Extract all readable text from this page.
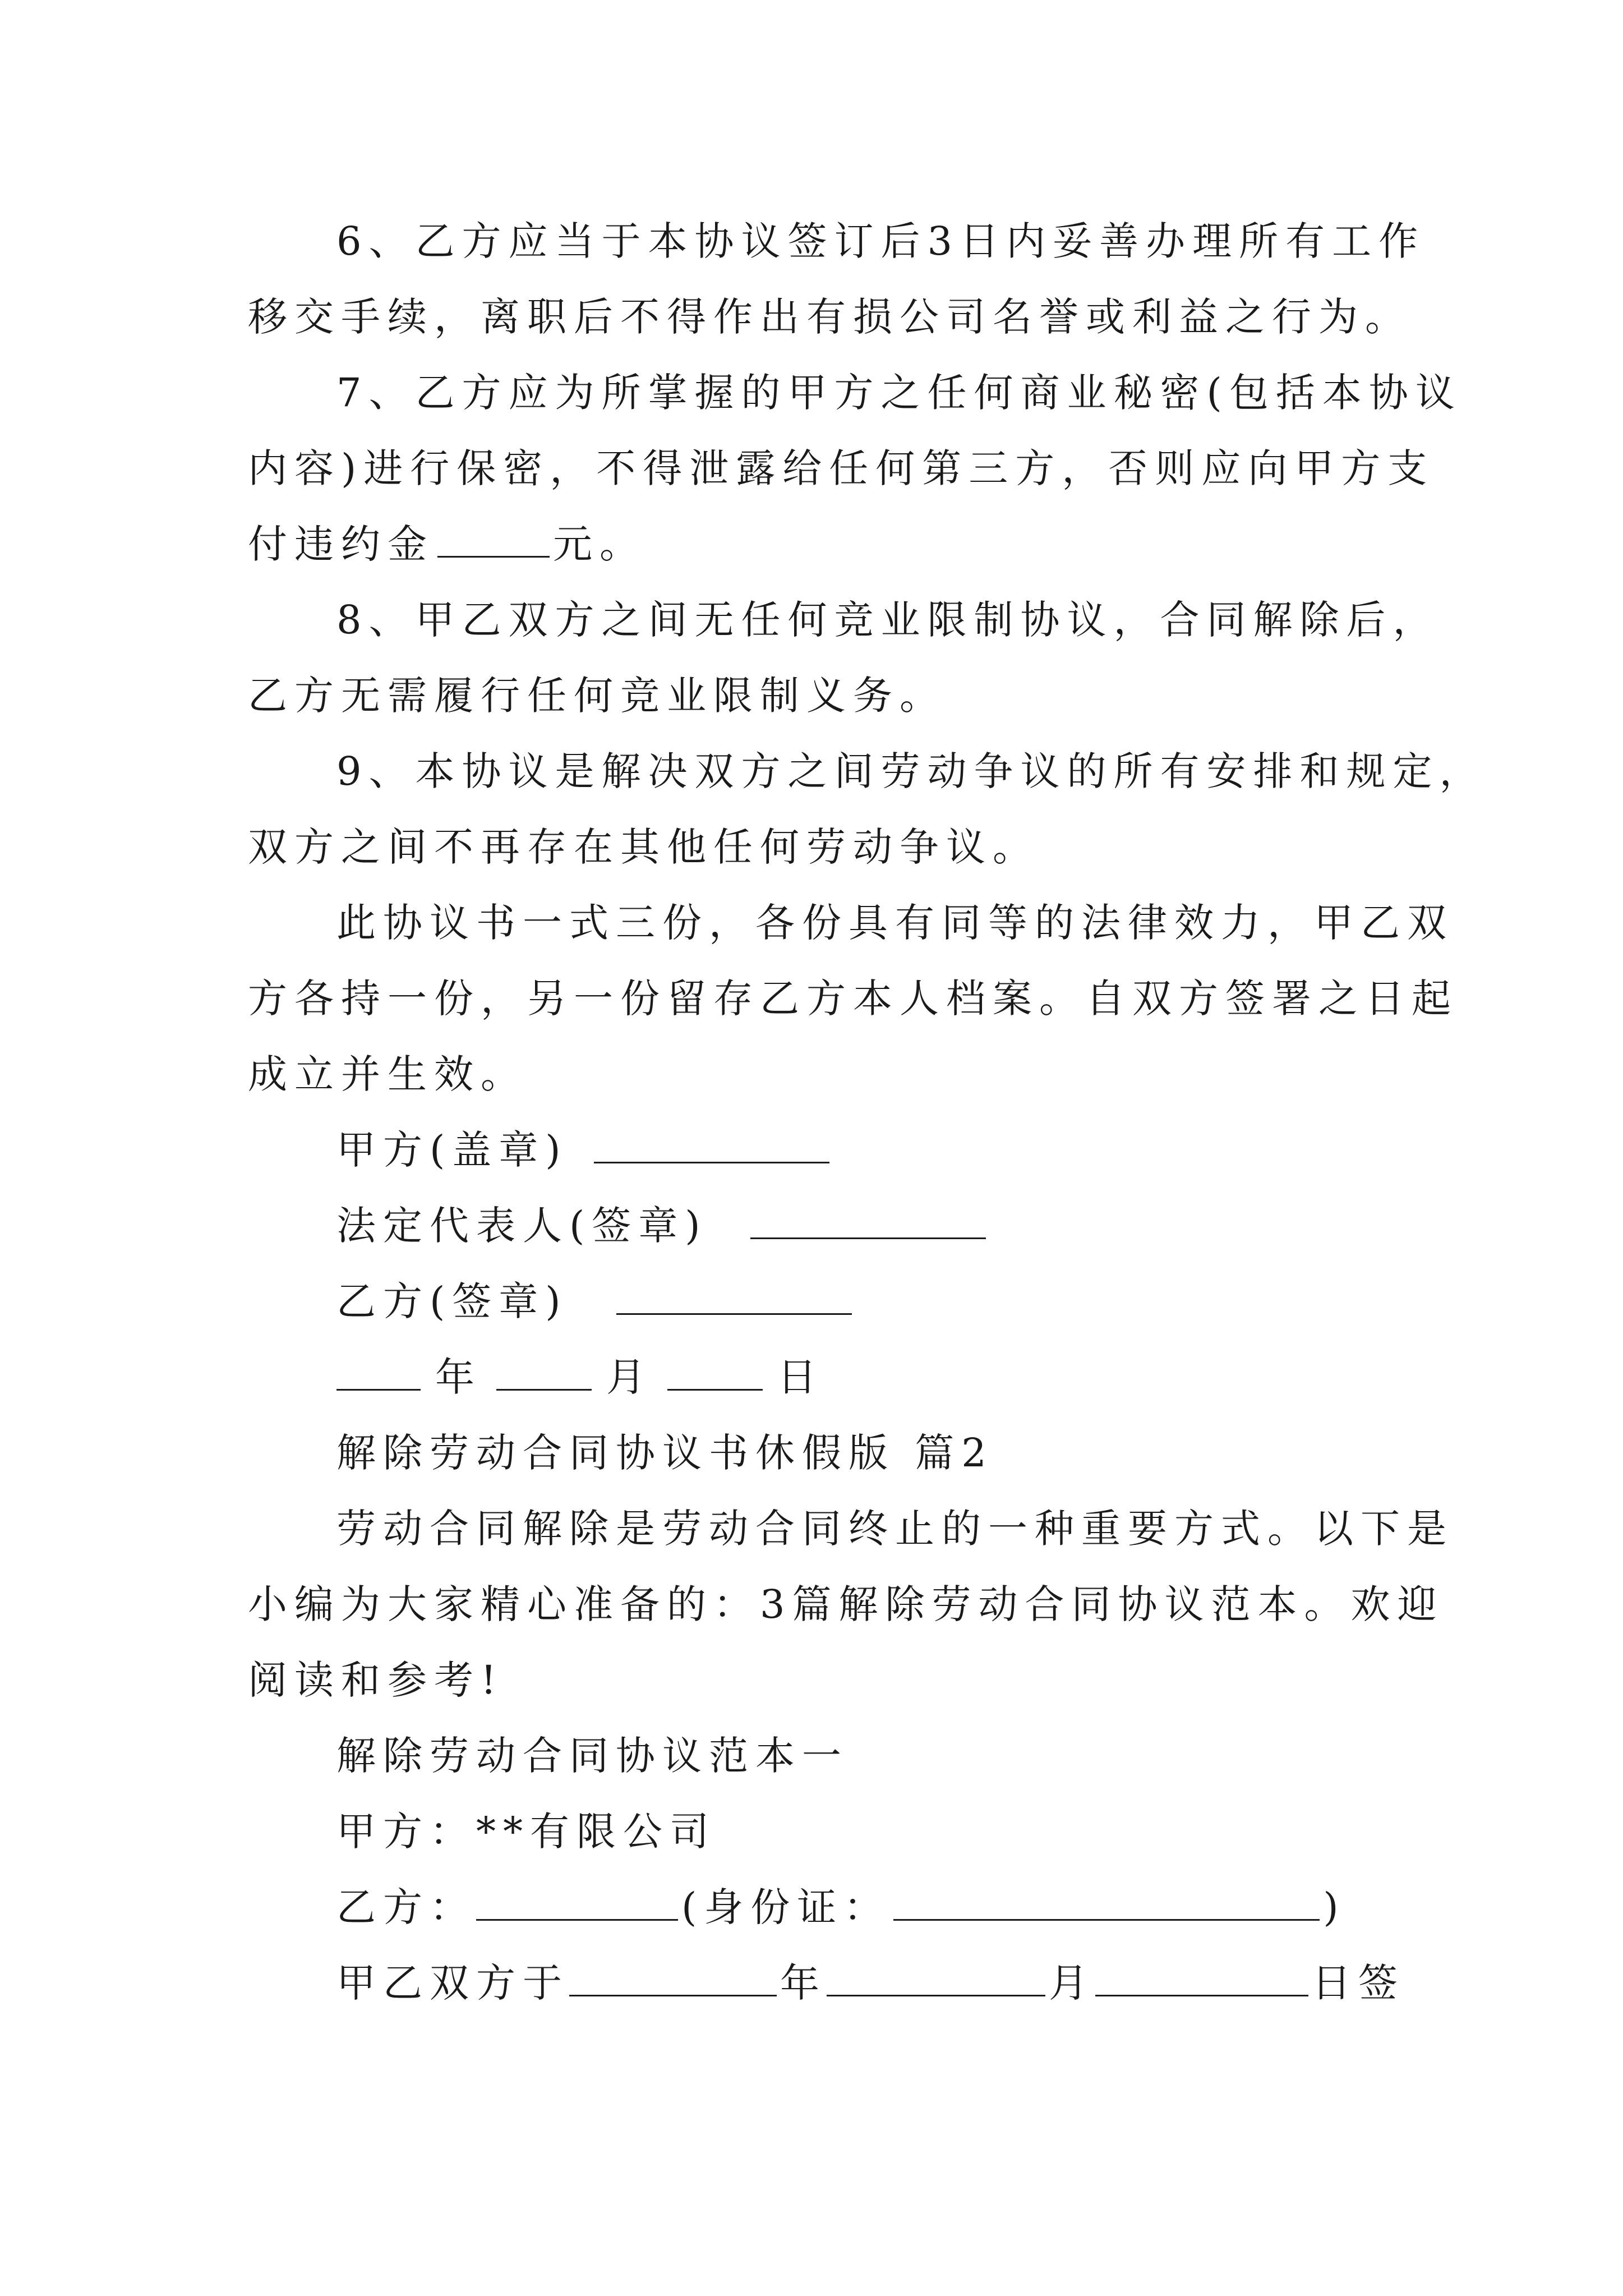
6、乙方应当于本协议签订后3日内妥善办理所有工作
移交手续，离职后不得作出有损公司名誉或利益之行为。
7、乙方应为所掌握的甲方之任何商业秘密(包括本协议
内容)进行保密，不得泄露给任何第三方，否则应向甲方支
付违约金	元。
8、甲乙双方之间无任何竞业限制协议，合同解除后，
乙方无需履行任何竞业限制义务。
9、本协议是解决双方之间劳动争议的所有安排和规定，
双方之间不再存在其他任何劳动争议。
此协议书一式三份，各份具有同等的法律效力，甲乙双
方各持一份，另一份留存乙方本人档案。自双方签署之日起
成立并生效。
甲方(盖章)
法定代表人(签章)
乙方(签章)
年	月	日
解除劳动合同协议书休假版 篇2
劳动合同解除是劳动合同终止的一种重要方式。以下是
小编为大家精心准备的：3篇解除劳动合同协议范本。欢迎
阅读和参考!
解除劳动合同协议范本一
甲方：**有限公司
乙方：	(身份证：	)
甲乙双方于	年	月	日签
